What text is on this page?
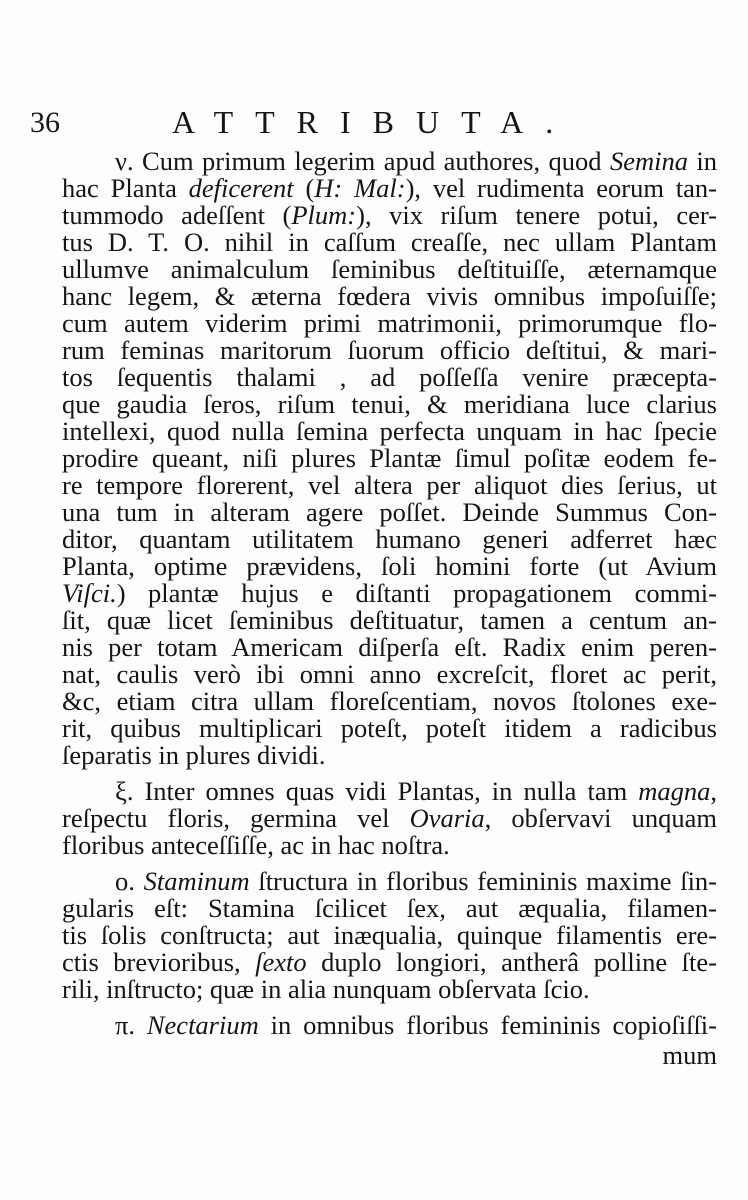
36	ATTRIBUTA.
ν. Cum primum legerim apud authores, quod Semina in
hac Planta deficerent (H: Mal:), vel rudimenta eorum tan-
tummodo adeſſent (Plum:), vix riſum tenere potui, cer-
tus D. T. O. nihil in caſſum creaſſe, nec ullam Plantam
ullumve animalculum ſeminibus deſtituiſſe, æternamque
hanc legem, & æterna fœdera vivis omnibus impoſuiſſe;
cum autem viderim primi matrimonii, primorumque flo-
rum feminas maritorum ſuorum officio deſtitui, & mari-
tos ſequentis thalami , ad poſſeſſa venire præcepta-
que gaudia ſeros, riſum tenui, & meridiana luce clarius
intellexi, quod nulla ſemina perfecta unquam in hac ſpecie
prodire queant, niſi plures Plantæ ſimul poſitæ eodem fe-
re tempore florerent, vel altera per aliquot dies ſerius, ut
una tum in alteram agere poſſet. Deinde Summus Con-
ditor, quantam utilitatem humano generi adferret hæc
Planta, optime prævidens, ſoli homini forte (ut Avium
Viſci.) plantæ hujus e diſtanti propagationem commi-
ſit, quæ licet ſeminibus deſtituatur, tamen a centum an-
nis per totam Americam diſperſa eſt. Radix enim peren-
nat, caulis verò ibi omni anno excreſcit, floret ac perit,
&c, etiam citra ullam floreſcentiam, novos ſtolones exe-
rit, quibus multiplicari poteſt, poteſt itidem a radicibus
ſeparatis in plures dividi.
ξ. Inter omnes quas vidi Plantas, in nulla tam magna,
reſpectu floris, germina vel Ovaria, obſervavi unquam
floribus anteceſſiſſe, ac in hac noſtra.
ο. Staminum ſtructura in floribus femininis maxime ſin-
gularis eſt: Stamina ſcilicet ſex, aut æqualia, filamen-
tis ſolis conſtructa; aut inæqualia, quinque filamentis ere-
ctis brevioribus, ſexto duplo longiori, antherâ polline ſte-
rili, inſtructo; quæ in alia nunquam obſervata ſcio.
π. Nectarium in omnibus floribus femininis copioſiſſi-
mum
